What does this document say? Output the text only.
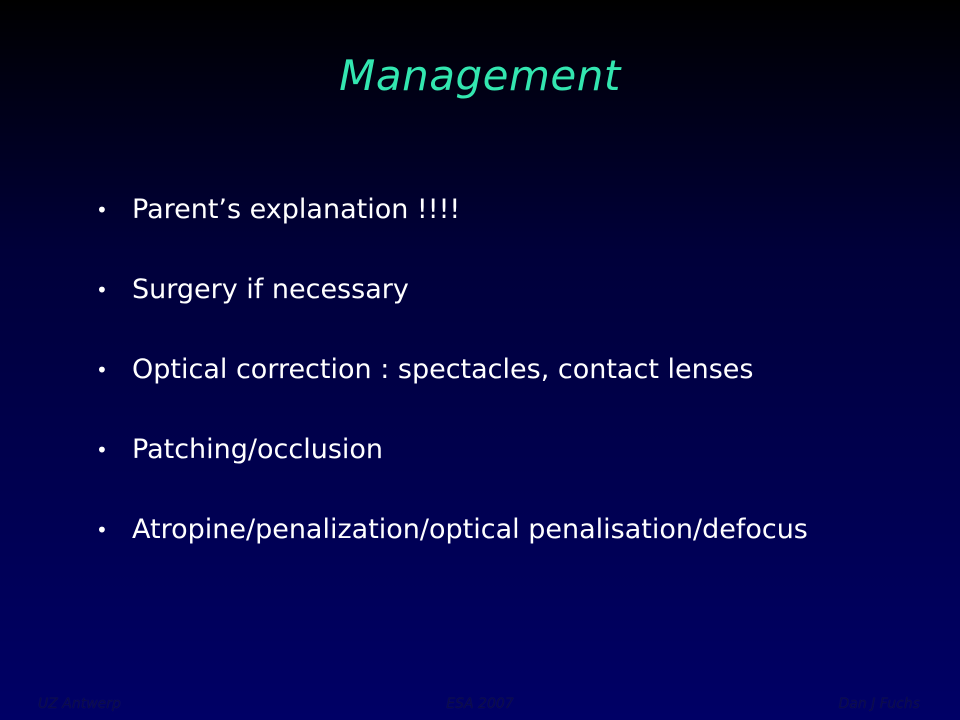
Management
• Parent’s explanation !!!!
• Surgery if necessary
• Optical correction : spectacles, contact lenses
• Patching/occlusion
• Atropine/penalization/optical penalisation/defocus
UZ Antwerp	ESA 2007	Dan J Fuchs
